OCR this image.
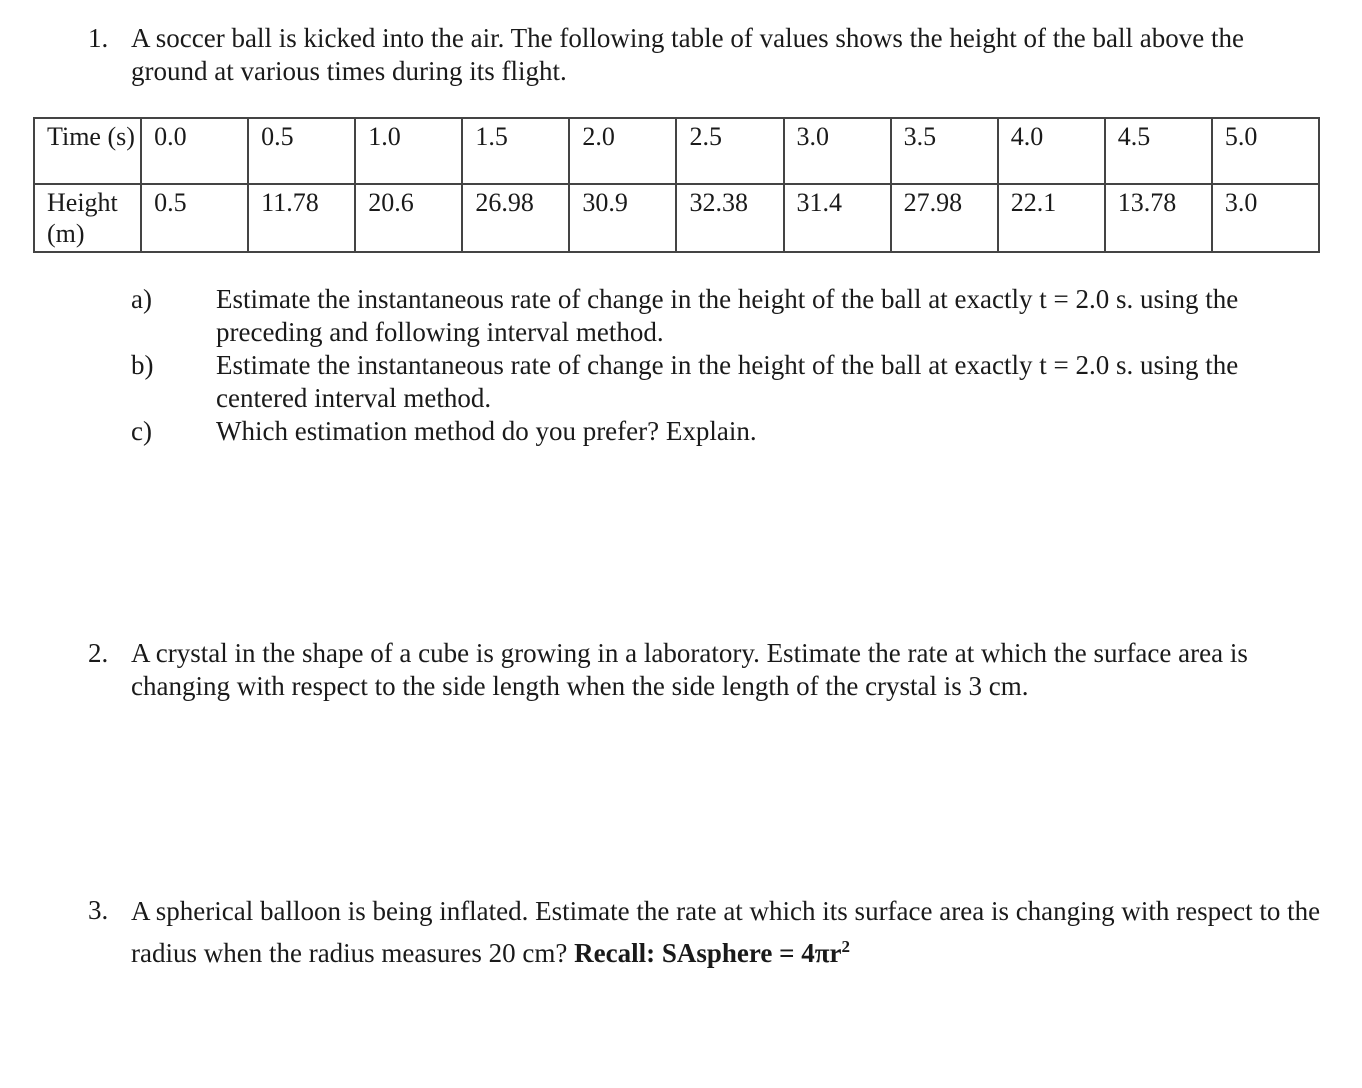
1. A soccer ball is kicked into the air. The following table of values shows the height of the ball above the ground at various times during its flight.
Time (s)	0.0	0.5	1.0	1.5	2.0	2.5	3.0	3.5	4.0	4.5	5.0
Height (m)	0.5	11.78	20.6	26.98	30.9	32.38	31.4	27.98	22.1	13.78	3.0
a) Estimate the instantaneous rate of change in the height of the ball at exactly t = 2.0 s. using the preceding and following interval method.
b) Estimate the instantaneous rate of change in the height of the ball at exactly t = 2.0 s. using the centered interval method.
c) Which estimation method do you prefer? Explain.
2. A crystal in the shape of a cube is growing in a laboratory. Estimate the rate at which the surface area is changing with respect to the side length when the side length of the crystal is 3 cm.
3. A spherical balloon is being inflated. Estimate the rate at which its surface area is changing with respect to the radius when the radius measures 20 cm? Recall: SAsphere = $4\pi r^2$
